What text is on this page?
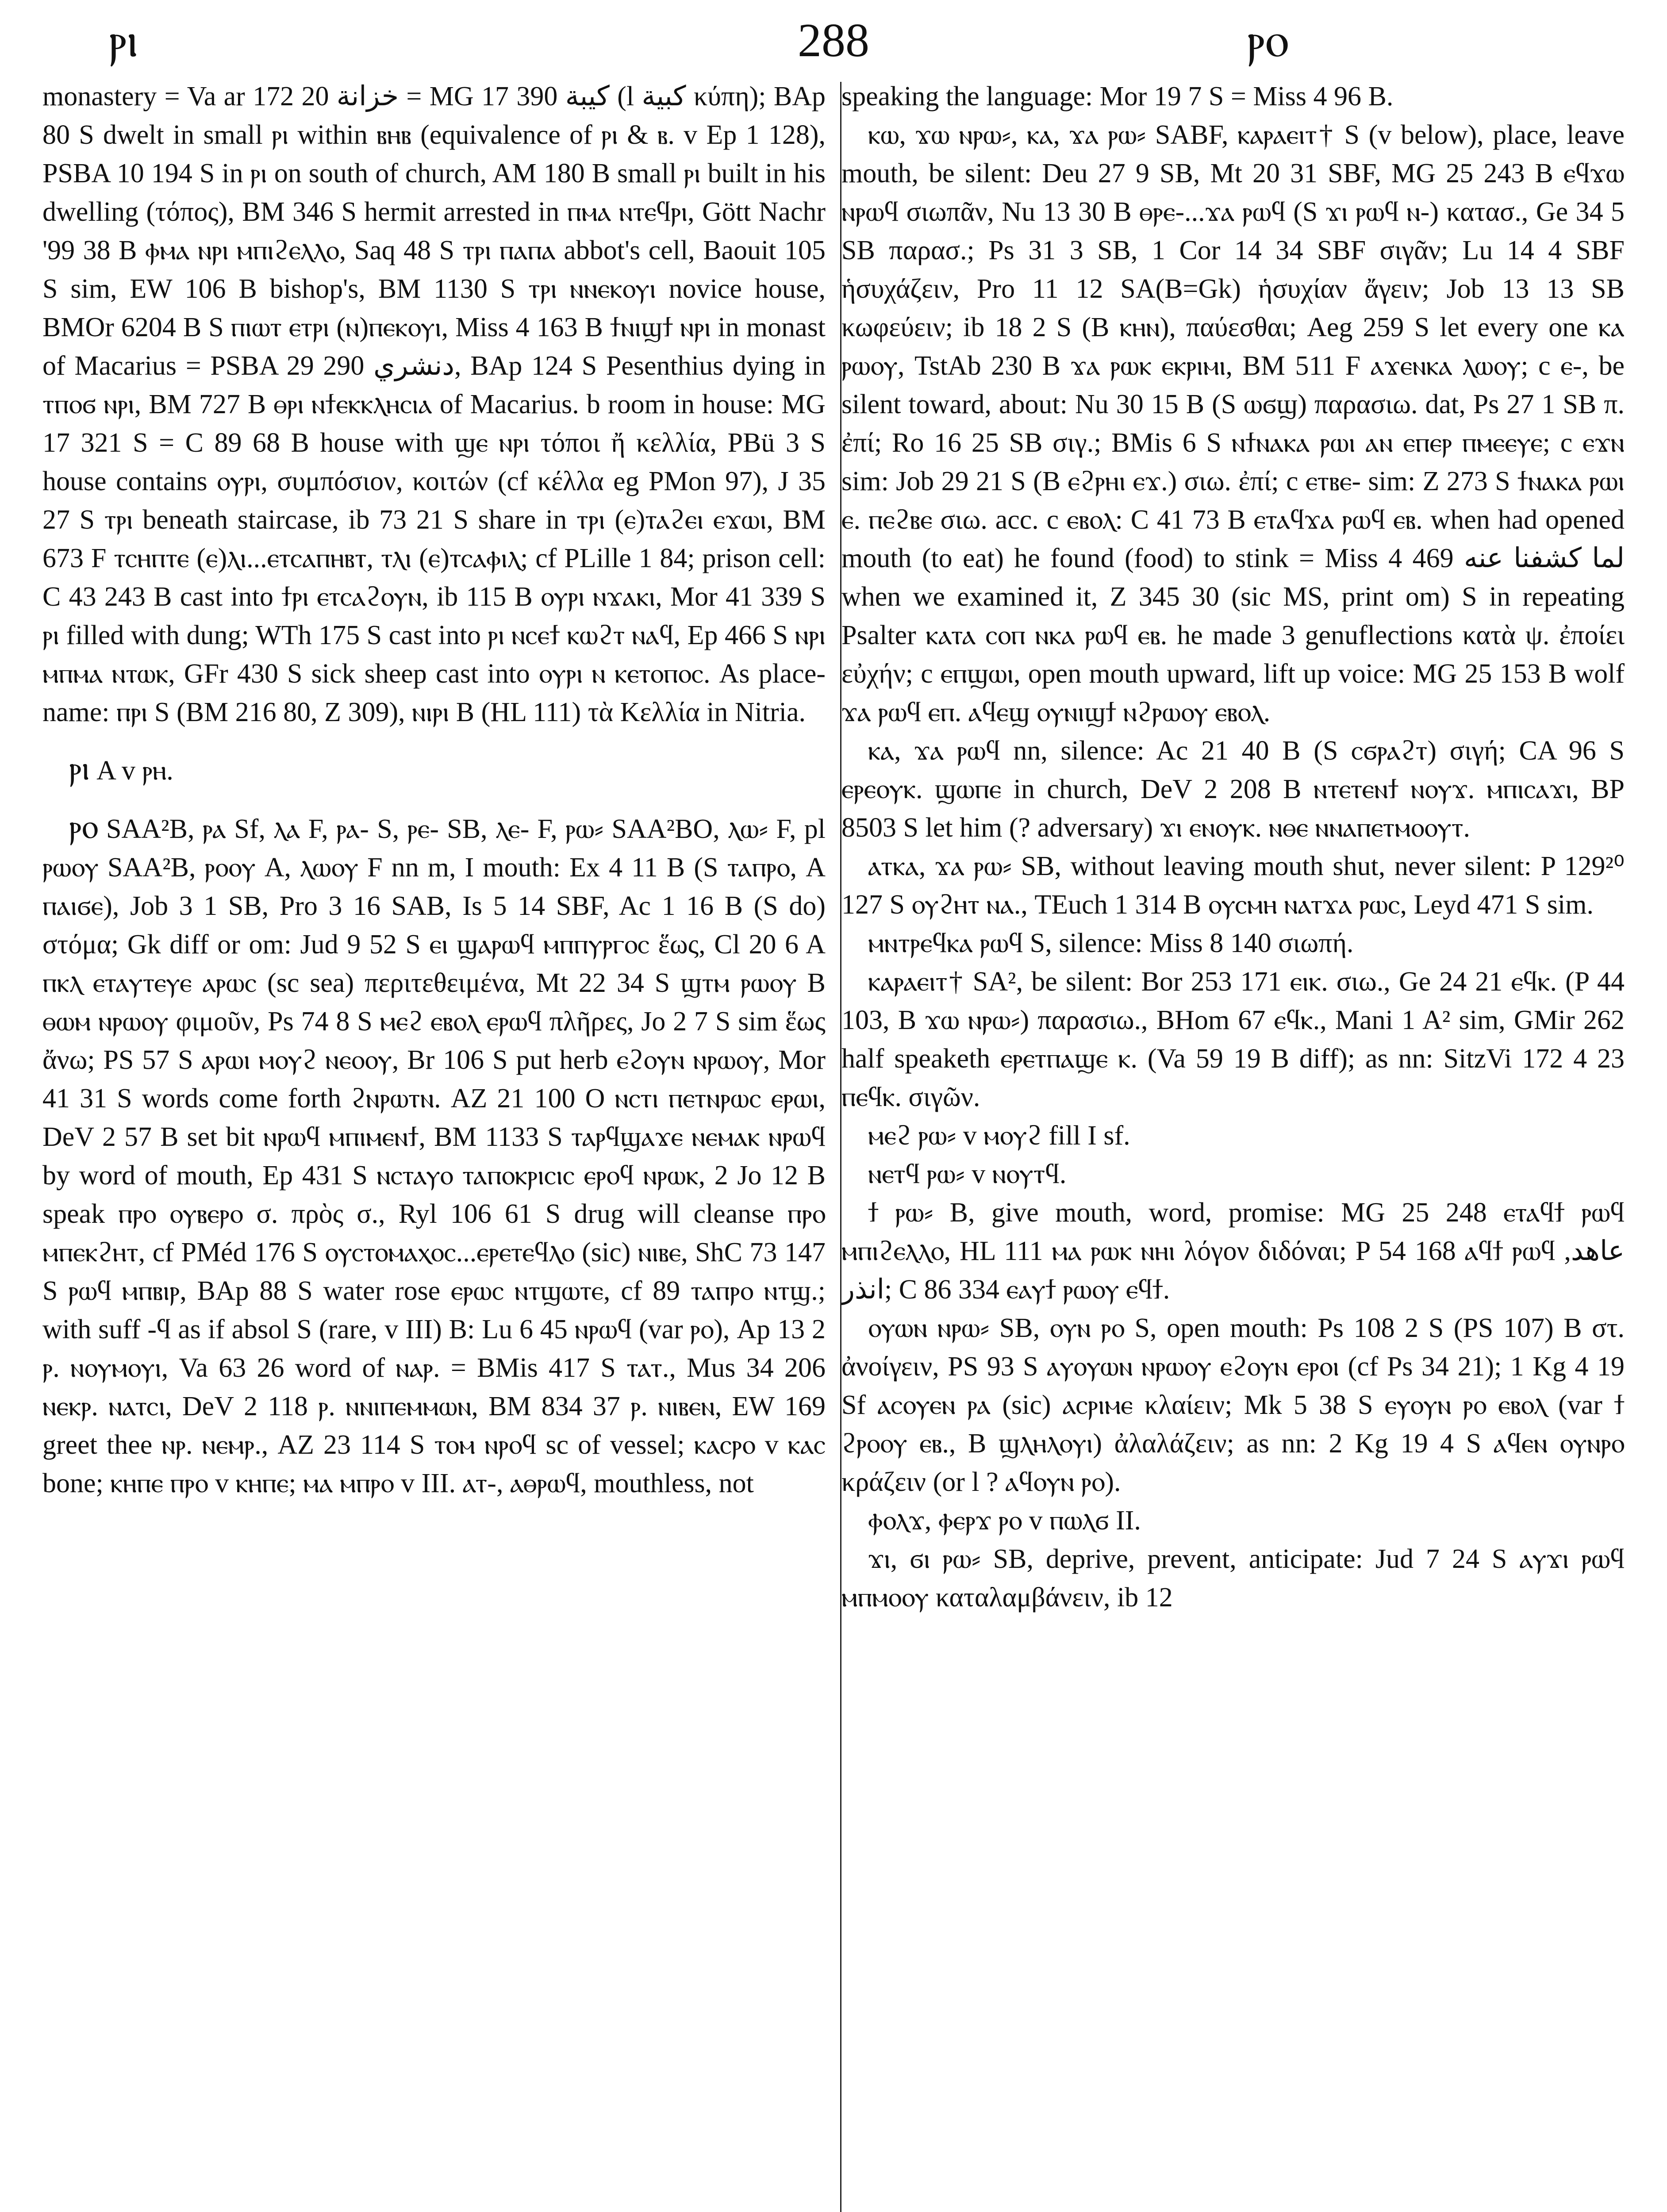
ⲣⲓ	288	ⲣⲟ

monastery = Va ar 172 20 خزانة = MG 17 390 كيبة (l كبية κύπη); BAp 80 S dwelt in small ⲣⲓ within ⲃⲏⲃ (equivalence of ⲣⲓ & ⲃ. v Ep 1 128), PSBA 10 194 S in ⲣⲓ on south of church, AM 180 B small ⲣⲓ built in his dwelling (τόπος), BM 346 S hermit arrested in ⲡⲙⲁ ⲛⲧⲉϥⲣⲓ, Gött Nachr '99 38 B ⲫⲙⲁ ⲛⲣⲓ ⲙⲡⲓϩⲉⲗⲗⲟ, Saq 48 S ⲧⲣⲓ ⲡⲁⲡⲁ abbot's cell, Baouit 105 S sim, EW 106 B bishop's, BM 1130 S ⲧⲣⲓ ⲛⲛⲉⲕⲟⲩⲓ novice house, BMOr 6204 B S ⲡⲓⲱⲧ ⲉⲧⲣⲓ (ⲛ)ⲡⲉⲕⲟⲩⲓ, Miss 4 163 B ϯⲛⲓϣϯ ⲛⲣⲓ in monast of Macarius = PSBA 29 290 دنشري, BAp 124 S Pesenthius dying in ⲧⲡⲟϭ ⲛⲣⲓ, BM 727 B ⲑⲣⲓ ⲛϯⲉⲕⲕⲗⲏⲥⲓⲁ of Macarius. b room in house: MG 17 321 S = C 89 68 B house with ϣⲉ ⲛⲣⲓ τόποι ἤ κελλία, PBü 3 S house contains ⲟⲩⲣⲓ, συμπόσιον, κοιτών (cf κέλλα eg PMon 97), J 35 27 S ⲧⲣⲓ beneath staircase, ib 73 21 S share in ⲧⲣⲓ (ⲉ)ⲧⲁϩⲉⲓ ⲉϫⲱⲓ, BM 673 F ⲧⲥⲏⲡⲧⲉ (ⲉ)ⲗⲓ...ⲉⲧⲥⲁⲡⲏⲃⲧ, ⲧⲗⲓ (ⲉ)ⲧⲥⲁⲫⲓⲗ; cf PLille 1 84; prison cell: C 43 243 B cast into ϯⲣⲓ ⲉⲧⲥⲁϩⲟⲩⲛ, ib 115 B ⲟⲩⲣⲓ ⲛϫⲁⲕⲓ, Mor 41 339 S ⲣⲓ filled with dung; WTh 175 S cast into ⲣⲓ ⲛⲥⲉϯ ⲕⲱϩⲧ ⲛⲁϥ, Ep 466 S ⲛⲣⲓ ⲙⲡⲙⲁ ⲛⲧⲱⲕ, GFr 430 S sick sheep cast into ⲟⲩⲣⲓ ⲛ ⲕⲉⲧⲟⲡⲟⲥ. As place-name: ⲡⲣⲓ S (BM 216 80, Z 309), ⲛⲓⲣⲓ B (HL 111) τὰ Κελλία in Nitria.

ⲣⲓ A v ⲣⲏ.

ⲣⲟ SAA²B, ⲣⲁ Sf, ⲗⲁ F, ⲣⲁ- S, ⲣⲉ- SB, ⲗⲉ- F, ⲣⲱ⸗ SAA²BO, ⲗⲱ⸗ F, pl ⲣⲱⲟⲩ SAA²B, ⲣⲟⲟⲩ A, ⲗⲱⲟⲩ F nn m, I mouth: Ex 4 11 B (S ⲧⲁⲡⲣⲟ, A ⲡⲁⲓϭⲉ), Job 3 1 SB, Pro 3 16 SAB, Is 5 14 SBF, Ac 1 16 B (S do) στόμα; Gk diff or om: Jud 9 52 S ⲉⲓ ϣⲁⲣⲱϥ ⲙⲡⲡⲩⲣⲅⲟⲥ ἕως, Cl 20 6 A ⲡⲕⲗ ⲉⲧⲁⲩⲧⲉⲩⲉ ⲁⲣⲱⲥ (sc sea) περιτεθειμένα, Mt 22 34 S ϣⲧⲙ ⲣⲱⲟⲩ B ⲑⲱⲙ ⲛⲣⲱⲟⲩ φιμοῦν, Ps 74 8 S ⲙⲉϩ ⲉⲃⲟⲗ ⲉⲣⲱϥ πλῆρες, Jo 2 7 S sim ἕως ἄνω; PS 57 S ⲁⲣⲱⲓ ⲙⲟⲩϩ ⲛⲉⲟⲟⲩ, Br 106 S put herb ⲉϩⲟⲩⲛ ⲛⲣⲱⲟⲩ, Mor 41 31 S words come forth ϩⲛⲣⲱⲧⲛ. AZ 21 100 O ⲛⲥⲧⲓ ⲡⲉⲧⲛⲣⲱⲥ ⲉⲣⲱⲓ, DeV 2 57 B set bit ⲛⲣⲱϥ ⲙⲡⲓⲙⲉⲛϯ, BM 1133 S ⲧⲁⲣϥϣⲁϫⲉ ⲛⲉⲙⲁⲕ ⲛⲣⲱϥ by word of mouth, Ep 431 S ⲛⲥⲧⲁⲩⲟ ⲧⲁⲡⲟⲕⲣⲓⲥⲓⲥ ⲉⲣⲟϥ ⲛⲣⲱⲕ, 2 Jo 12 B speak ⲡⲣⲟ ⲟⲩⲃⲉⲣⲟ σ. πρὸς σ., Ryl 106 61 S drug will cleanse ⲡⲣⲟ ⲙⲡⲉⲕϩⲏⲧ, cf PMéd 176 S ⲟⲩⲥⲧⲟⲙⲁⲭⲟⲥ...ⲉⲣⲉⲧⲉϥⲗⲟ (sic) ⲛⲓⲃⲉ, ShC 73 147 S ⲣⲱϥ ⲙⲡⲃⲓⲣ, BAp 88 S water rose ⲉⲣⲱⲥ ⲛⲧϣⲱⲧⲉ, cf 89 ⲧⲁⲡⲣⲟ ⲛⲧϣ.; with suff -ϥ as if absol S (rare, v III) B: Lu 6 45 ⲛⲣⲱϥ (var ⲣⲟ), Ap 13 2 ⲣ. ⲛⲟⲩⲙⲟⲩⲓ, Va 63 26 word of ⲛⲁⲣ. = BMis 417 S ⲧⲁⲧ., Mus 34 206 ⲛⲉⲕⲣ. ⲛⲁⲧⲥⲓ, DeV 2 118 ⲣ. ⲛⲛⲓⲡⲉⲙⲙⲱⲛ, BM 834 37 ⲣ. ⲛⲓⲃⲉⲛ, EW 169 greet thee ⲛⲣ. ⲛⲉⲙⲣ., AZ 23 114 S ⲧⲟⲙ ⲛⲣⲟϥ sc of vessel; ⲕⲁⲥⲣⲟ v ⲕⲁⲥ bone; ⲕⲏⲡⲉ ⲡⲣⲟ v ⲕⲏⲡⲉ; ⲙⲁ ⲙⲡⲣⲟ v III. ⲁⲧ-, ⲁⲑⲣⲱϥ, mouthless, not

speaking the language: Mor 19 7 S = Miss 4 96 B.

ⲕⲱ, ϫⲱ ⲛⲣⲱ⸗, ⲕⲁ, ϫⲁ ⲣⲱ⸗ SABF, ⲕⲁⲣⲁⲉⲓⲧ† S (v below), place, leave mouth, be silent: Deu 27 9 SB, Mt 20 31 SBF, MG 25 243 B ⲉϥϫⲱ ⲛⲣⲱϥ σιωπᾶν, Nu 13 30 B ⲑⲣⲉ-...ϫⲁ ⲣⲱϥ (S ϫⲓ ⲣⲱϥ ⲛ-) κατασ., Ge 34 5 SB παρασ.; Ps 31 3 SB, 1 Cor 14 34 SBF σιγᾶν; Lu 14 4 SBF ἡσυχάζειν, Pro 11 12 SA(B=Gk) ἡσυχίαν ἄγειν; Job 13 13 SB κωφεύειν; ib 18 2 S (B ⲕⲏⲛ), παύεσθαι; Aeg 259 S let every one ⲕⲁ ⲣⲱⲟⲩ, TstAb 230 B ϫⲁ ⲣⲱⲕ ⲉⲕⲣⲓⲙⲓ, BM 511 F ⲁϫⲉⲛⲕⲁ ⲗⲱⲟⲩ; c ⲉ-, be silent toward, about: Nu 30 15 B (S ⲱϭϣ) παρασιω. dat, Ps 27 1 SB π. ἐπί; Ro 16 25 SB σιγ.; BMis 6 S ⲛϯⲛⲁⲕⲁ ⲣⲱⲓ ⲁⲛ ⲉⲡⲉⲣ ⲡⲙⲉⲉⲩⲉ; c ⲉϫⲛ sim: Job 29 21 S (B ⲉϩⲣⲏⲓ ⲉϫ.) σιω. ἐπί; c ⲉⲧⲃⲉ- sim: Z 273 S ϯⲛⲁⲕⲁ ⲣⲱⲓ ⲉ. ⲡⲉϩⲃⲉ σιω. acc. c ⲉⲃⲟⲗ: C 41 73 B ⲉⲧⲁϥϫⲁ ⲣⲱϥ ⲉⲃ. when had opened mouth (to eat) he found (food) to stink = Miss 4 469 لما كشفنا عنه when we examined it, Z 345 30 (sic MS, print om) S in repeating Psalter ⲕⲁⲧⲁ ⲥⲟⲡ ⲛⲕⲁ ⲣⲱϥ ⲉⲃ. he made 3 genuflections κατὰ ψ. ἐποίει εὐχήν; c ⲉⲡϣⲱⲓ, open mouth upward, lift up voice: MG 25 153 B wolf ϫⲁ ⲣⲱϥ ⲉⲡ. ⲁϥⲉϣ ⲟⲩⲛⲓϣϯ ⲛϩⲣⲱⲟⲩ ⲉⲃⲟⲗ.

ⲕⲁ, ϫⲁ ⲣⲱϥ nn, silence: Ac 21 40 B (S ⲥϭⲣⲁϩⲧ) σιγή; CA 96 S ⲉⲣⲉⲟⲩⲕ. ϣⲱⲡⲉ in church, DeV 2 208 B ⲛⲧⲉⲧⲉⲛϯ ⲛⲟⲩϫ. ⲙⲡⲓⲥⲁϫⲓ, BP 8503 S let him (? adversary) ϫⲓ ⲉⲛⲟⲩⲕ. ⲛⲑⲉ ⲛⲛⲁⲡⲉⲧⲙⲟⲟⲩⲧ.

ⲁⲧⲕⲁ, ϫⲁ ⲣⲱ⸗ SB, without leaving mouth shut, never silent: P 129²⁰ 127 S ⲟⲩϩⲏⲧ ⲛⲁ., TEuch 1 314 B ⲟⲩⲥⲙⲏ ⲛⲁⲧϫⲁ ⲣⲱⲥ, Leyd 471 S sim.

ⲙⲛⲧⲣⲉϥⲕⲁ ⲣⲱϥ S, silence: Miss 8 140 σιωπή.

ⲕⲁⲣⲁⲉⲓⲧ† SA², be silent: Bor 253 171 ⲉⲓⲕ. σιω., Ge 24 21 ⲉϥⲕ. (P 44 103, B ϫⲱ ⲛⲣⲱ⸗) παρασιω., BHom 67 ⲉϥⲕ., Mani 1 A² sim, GMir 262 half speaketh ⲉⲣⲉⲧⲡⲁϣⲉ ⲕ. (Va 59 19 B diff); as nn: SitzVi 172 4 23 ⲡⲉϥⲕ. σιγῶν.

ⲙⲉϩ ⲣⲱ⸗ v ⲙⲟⲩϩ fill I sf.

ⲛⲉⲧϥ ⲣⲱ⸗ v ⲛⲟⲩⲧϥ.

ϯ ⲣⲱ⸗ B, give mouth, word, promise: MG 25 248 ⲉⲧⲁϥϯ ⲣⲱϥ ⲙⲡⲓϩⲉⲗⲗⲟ, HL 111 ⲙⲁ ⲣⲱⲕ ⲛⲏⲓ λόγον διδόναι; P 54 168 ⲁϥϯ ⲣⲱϥ عاهد, انذر; C 86 334 ⲉⲁⲩϯ ⲣⲱⲟⲩ ⲉϥϯ.

ⲟⲩⲱⲛ ⲛⲣⲱ⸗ SB, ⲟⲩⲛ ⲣⲟ S, open mouth: Ps 108 2 S (PS 107) B στ. ἀνοίγειν, PS 93 S ⲁⲩⲟⲩⲱⲛ ⲛⲣⲱⲟⲩ ⲉϩⲟⲩⲛ ⲉⲣⲟⲓ (cf Ps 34 21); 1 Kg 4 19 Sf ⲁⲥⲟⲩⲉⲛ ⲣⲁ (sic) ⲁⲥⲣⲓⲙⲉ κλαίειν; Mk 5 38 S ⲉⲩⲟⲩⲛ ⲣⲟ ⲉⲃⲟⲗ (var ϯ ϩⲣⲟⲟⲩ ⲉⲃ., B ϣⲗⲏⲗⲟⲩⲓ) ἀλαλάζειν; as nn: 2 Kg 19 4 S ⲁϥⲉⲛ ⲟⲩⲛⲣⲟ κράζειν (or l ? ⲁϥⲟⲩⲛ ⲣⲟ).

ⲫⲟⲗϫ, ⲫⲉⲣϫ ⲣⲟ v ⲡⲱⲗϭ II.

ϫⲓ, ϭⲓ ⲣⲱ⸗ SB, deprive, prevent, anticipate: Jud 7 24 S ⲁⲩϫⲓ ⲣⲱϥ ⲙⲡⲙⲟⲟⲩ καταλαμβάνειν, ib 12
